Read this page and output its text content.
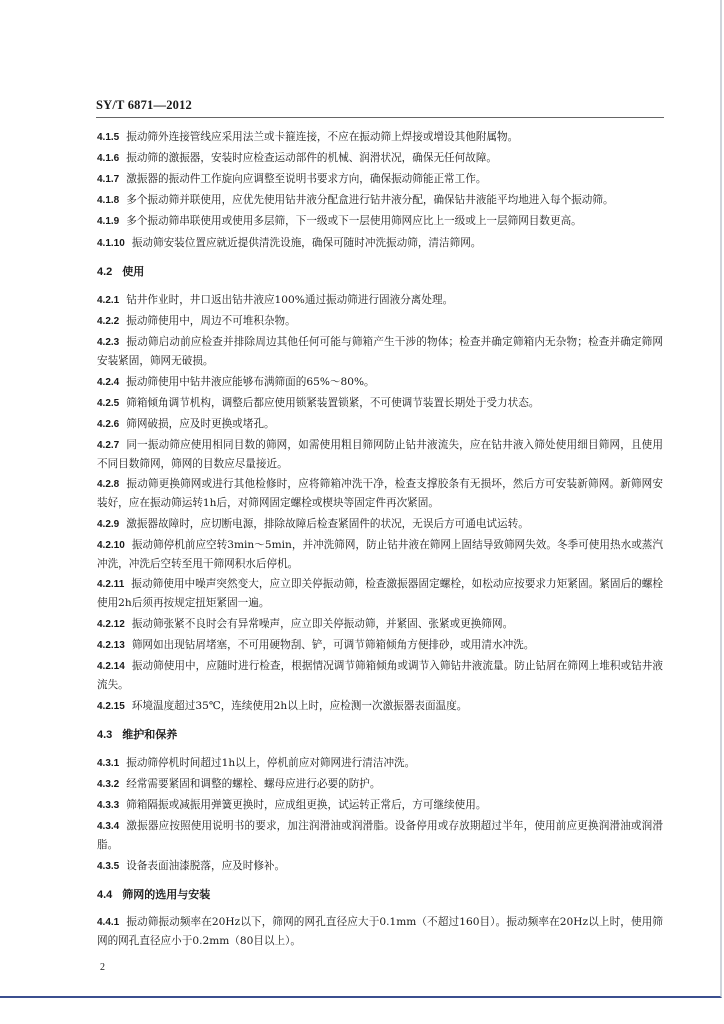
SY/T 6871—2012

4.1.5 振动筛外连接管线应采用法兰或卡箍连接，不应在振动筛上焊接或增设其他附属物。

4.1.6 振动筛的激振器，安装时应检查运动部件的机械、润滑状况，确保无任何故障。

4.1.7 激振器的振动件工作旋向应调整至说明书要求方向，确保振动筛能正常工作。

4.1.8 多个振动筛并联使用，应优先使用钻井液分配盒进行钻井液分配，确保钻井液能平均地进入每个振动筛。

4.1.9 多个振动筛串联使用或使用多层筛，下一级或下一层使用筛网应比上一级或上一层筛网目数更高。

4.1.10 振动筛安装位置应就近提供清洗设施，确保可随时冲洗振动筛，清洁筛网。

4.2 使用

4.2.1 钻井作业时，井口返出钻井液应100%通过振动筛进行固液分离处理。

4.2.2 振动筛使用中，周边不可堆积杂物。

4.2.3 振动筛启动前应检查并排除周边其他任何可能与筛箱产生干涉的物体；检查并确定筛箱内无杂物；检查并确定筛网安装紧固，筛网无破损。

4.2.4 振动筛使用中钻井液应能够布满筛面的65%～80%。

4.2.5 筛箱倾角调节机构，调整后都应使用锁紧装置锁紧，不可使调节装置长期处于受力状态。

4.2.6 筛网破损，应及时更换或堵孔。

4.2.7 同一振动筛应使用相同目数的筛网，如需使用粗目筛网防止钻井液流失，应在钻井液入筛处使用细目筛网，且使用不同目数筛网，筛网的目数应尽量接近。

4.2.8 振动筛更换筛网或进行其他检修时，应将筛箱冲洗干净，检查支撑胶条有无损坏，然后方可安装新筛网。新筛网安装好，应在振动筛运转1h后，对筛网固定螺栓或楔块等固定件再次紧固。

4.2.9 激振器故障时，应切断电源，排除故障后检查紧固件的状况，无误后方可通电试运转。

4.2.10 振动筛停机前应空转3min～5min，并冲洗筛网，防止钻井液在筛网上固结导致筛网失效。冬季可使用热水或蒸汽冲洗，冲洗后空转至甩干筛网积水后停机。

4.2.11 振动筛使用中噪声突然变大，应立即关停振动筛，检查激振器固定螺栓，如松动应按要求力矩紧固。紧固后的螺栓使用2h后须再按规定扭矩紧固一遍。

4.2.12 振动筛张紧不良时会有异常噪声，应立即关停振动筛，并紧固、张紧或更换筛网。

4.2.13 筛网如出现钻屑堵塞，不可用硬物刮、铲，可调节筛箱倾角方便排砂，或用清水冲洗。

4.2.14 振动筛使用中，应随时进行检查，根据情况调节筛箱倾角或调节入筛钻井液流量。防止钻屑在筛网上堆积或钻井液流失。

4.2.15 环境温度超过35℃，连续使用2h以上时，应检测一次激振器表面温度。

4.3 维护和保养

4.3.1 振动筛停机时间超过1h以上，停机前应对筛网进行清洁冲洗。

4.3.2 经常需要紧固和调整的螺栓、螺母应进行必要的防护。

4.3.3 筛箱隔振或减振用弹簧更换时，应成组更换，试运转正常后，方可继续使用。

4.3.4 激振器应按照使用说明书的要求，加注润滑油或润滑脂。设备停用或存放期超过半年，使用前应更换润滑油或润滑脂。

4.3.5 设备表面油漆脱落，应及时修补。

4.4 筛网的选用与安装

4.4.1 振动筛振动频率在20Hz以下，筛网的网孔直径应大于0.1mm（不超过160目）。振动频率在20Hz以上时，使用筛网的网孔直径应小于0.2mm（80目以上）。

2
